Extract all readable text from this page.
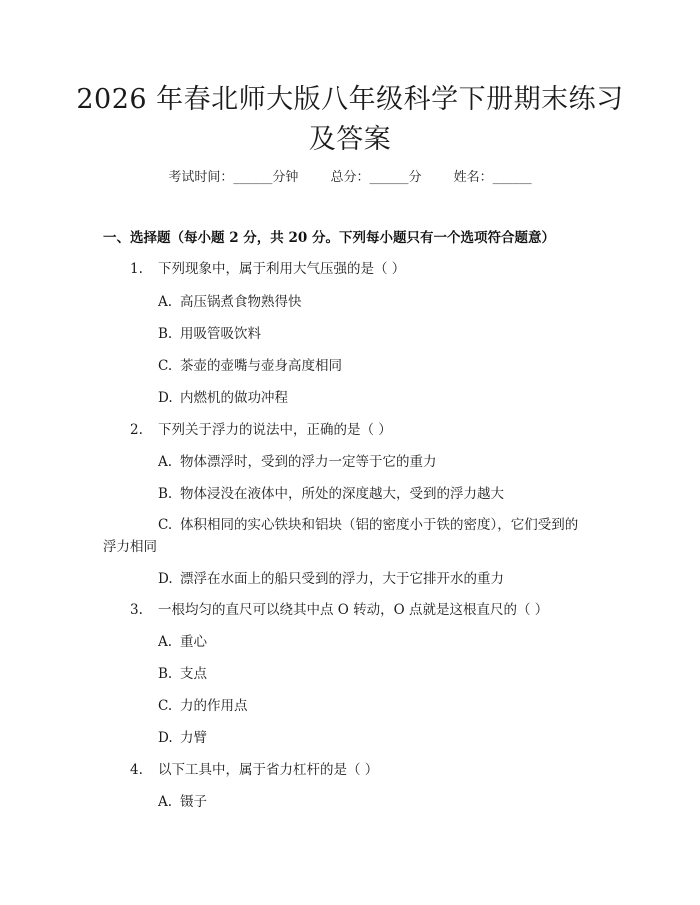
2026 年春北师大版八年级科学下册期末练习
及答案
考试时间：______分钟 总分：______分 姓名：______
一、选择题（每小题 2 分，共 20 分。下列每小题只有一个选项符合题意）
1. 下列现象中，属于利用大气压强的是（ ）
A. 高压锅煮食物熟得快
B. 用吸管吸饮料
C. 茶壶的壶嘴与壶身高度相同
D. 内燃机的做功冲程
2. 下列关于浮力的说法中，正确的是（ ）
A. 物体漂浮时，受到的浮力一定等于它的重力
B. 物体浸没在液体中，所处的深度越大，受到的浮力越大
C. 体积相同的实心铁块和铝块（铝的密度小于铁的密度），它们受到的
浮力相同
D. 漂浮在水面上的船只受到的浮力，大于它排开水的重力
3. 一根均匀的直尺可以绕其中点 O 转动，O 点就是这根直尺的（ ）
A. 重心
B. 支点
C. 力的作用点
D. 力臂
4. 以下工具中，属于省力杠杆的是（ ）
A. 镊子
